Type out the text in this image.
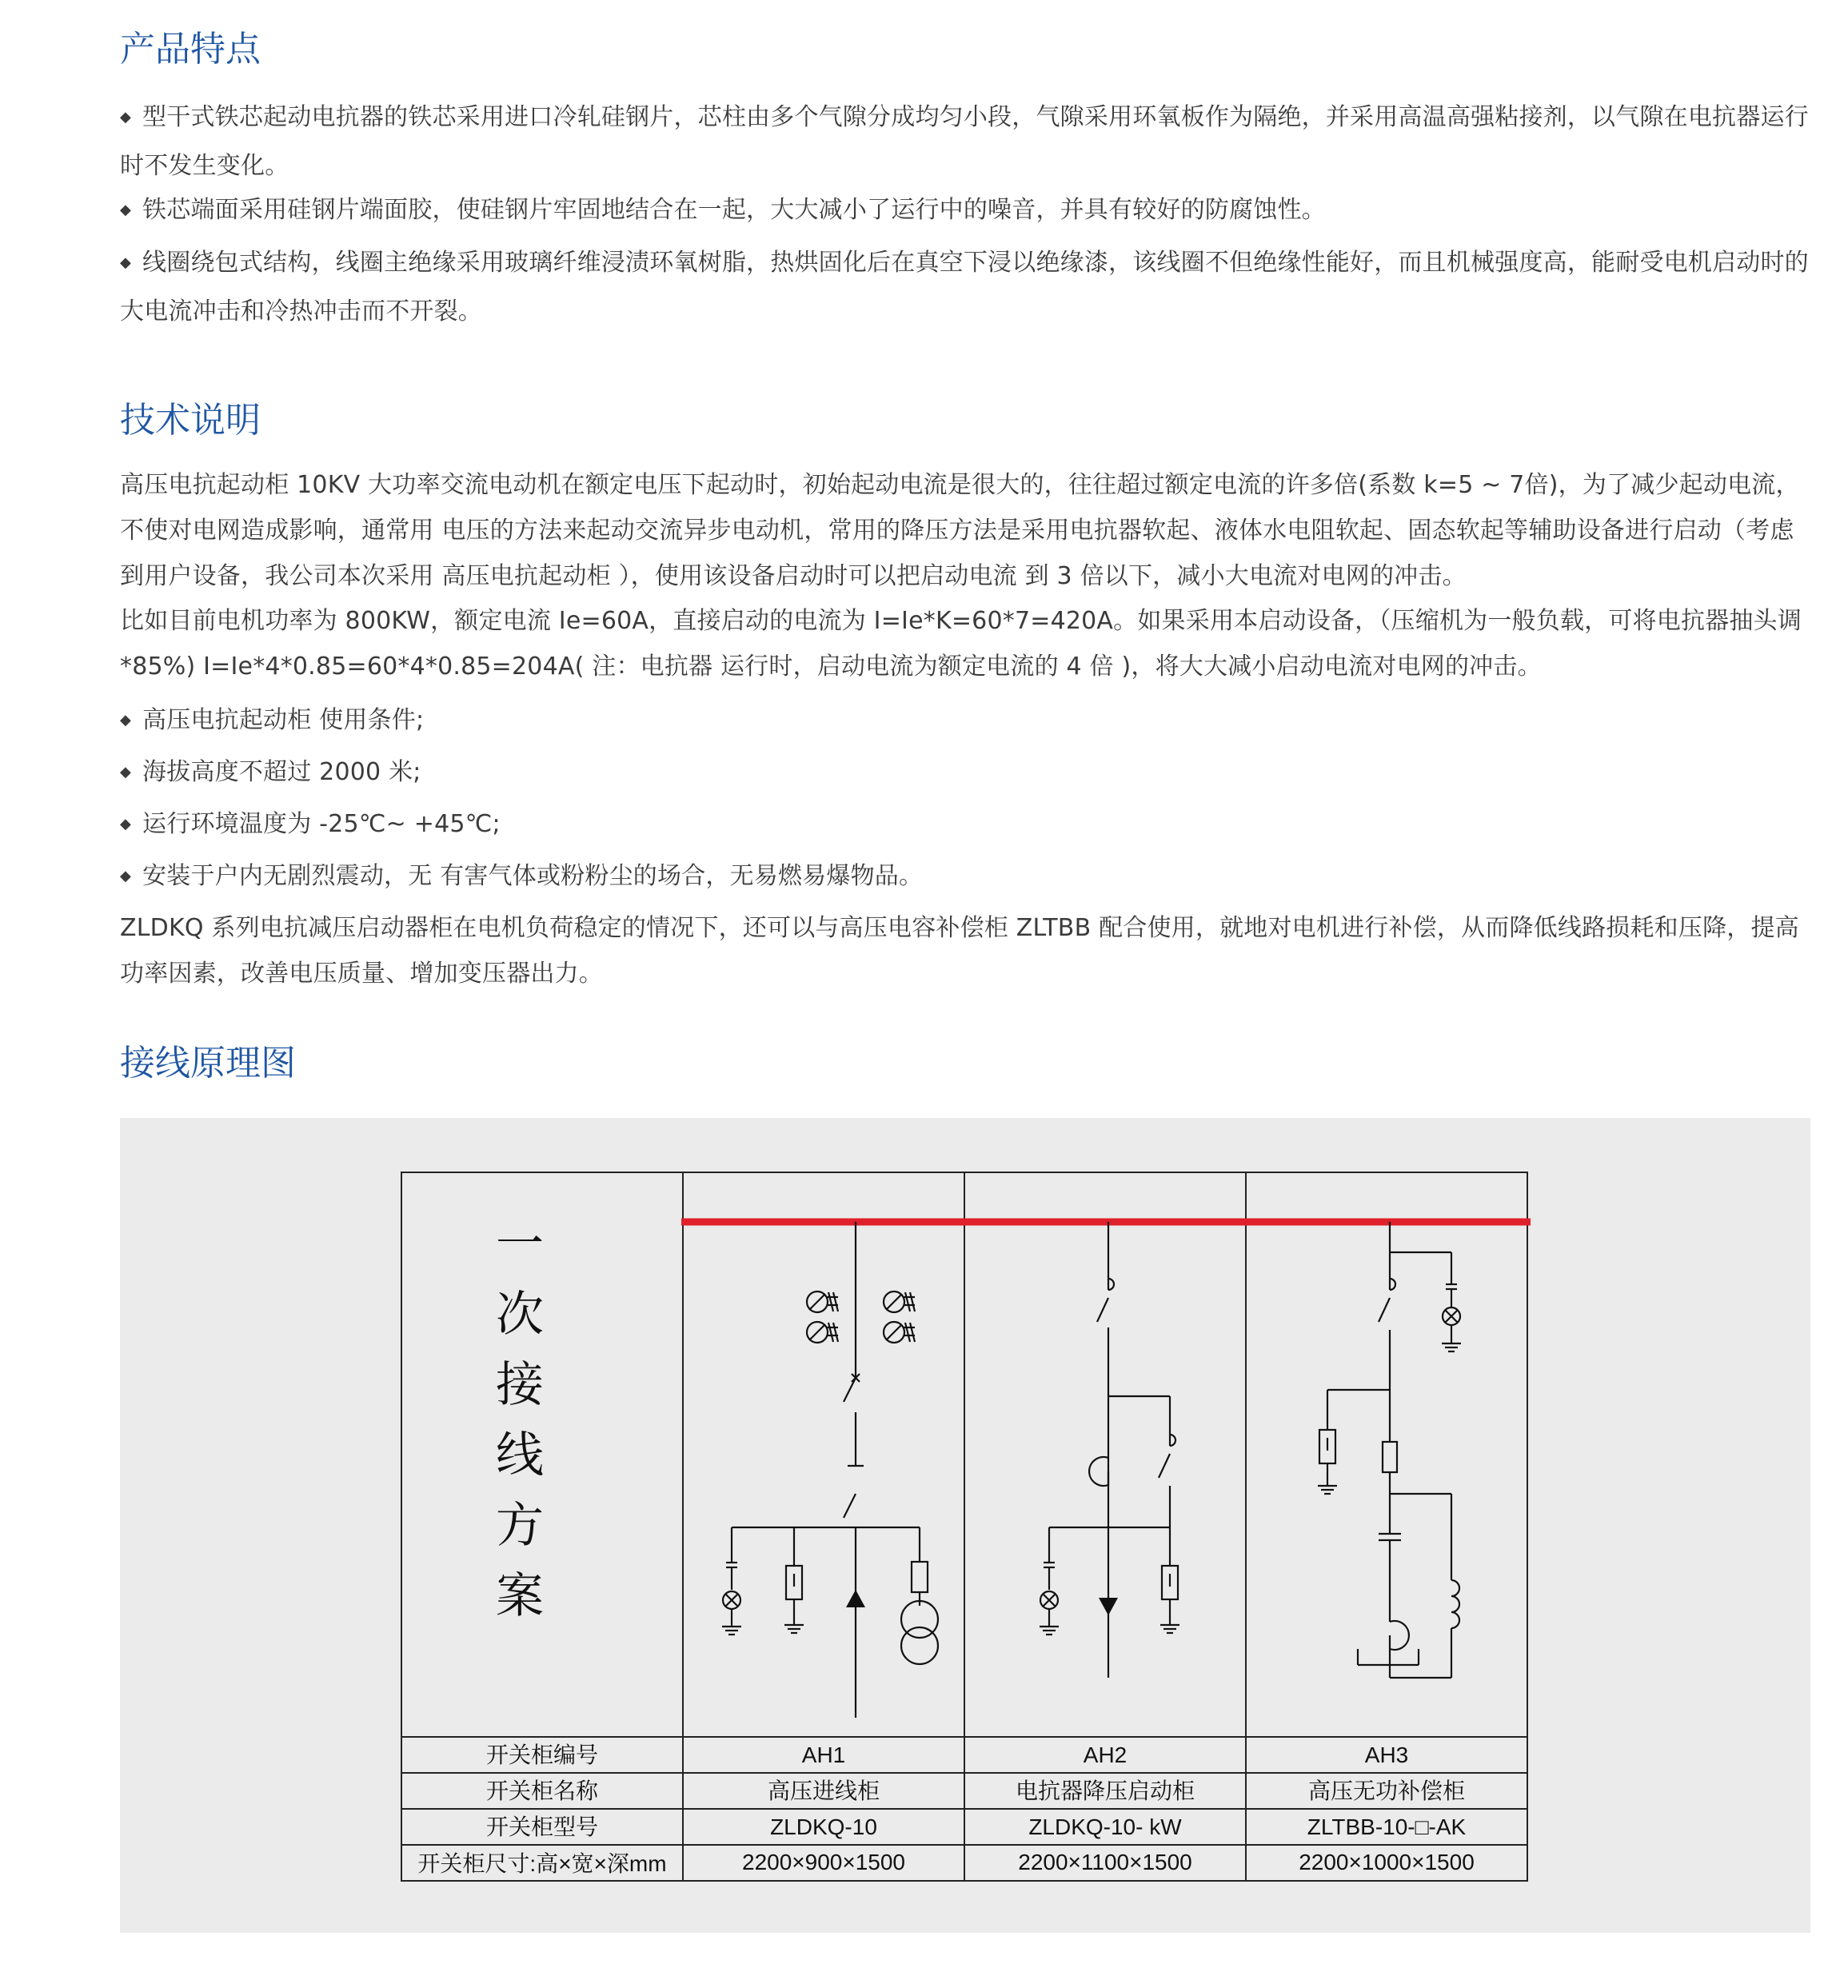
产品特点

◆ 型干式铁芯起动电抗器的铁芯采用进口冷轧硅钢片，芯柱由多个气隙分成均匀小段，气隙采用环氧板作为隔绝，并采用高温高强粘接剂，以气隙在电抗器运行时不发生变化。

◆ 铁芯端面采用硅钢片端面胶，使硅钢片牢固地结合在一起，大大减小了运行中的噪音，并具有较好的防腐蚀性。

◆ 线圈绕包式结构，线圈主绝缘采用玻璃纤维浸渍环氧树脂，热烘固化后在真空下浸以绝缘漆，该线圈不但绝缘性能好，而且机械强度高，能耐受电机启动时的大电流冲击和冷热冲击而不开裂。

技术说明

高压电抗起动柜 10KV 大功率交流电动机在额定电压下起动时，初始起动电流是很大的，往往超过额定电流的许多倍(系数 k=5 ~ 7倍)，为了减少起动电流，不使对电网造成影响，通常用 电压的方法来起动交流异步电动机，常用的降压方法是采用电抗器软起、液体水电阻软起、固态软起等辅助设备进行启动（考虑到用户设备，我公司本次采用 高压电抗起动柜 ），使用该设备启动时可以把启动电流 到 3 倍以下，减小大电流对电网的冲击。

比如目前电机功率为 800KW，额定电流 Ie=60A，直接启动的电流为 I=Ie*K=60*7=420A。如果采用本启动设备，（压缩机为一般负载，可将电抗器抽头调*85%) I=Ie*4*0.85=60*4*0.85=204A( 注：电抗器 运行时，启动电流为额定电流的 4 倍 )，将大大减小启动电流对电网的冲击。

◆ 高压电抗起动柜 使用条件;

◆ 海拔高度不超过 2000 米;

◆ 运行环境温度为 -25℃~ +45℃;

◆ 安装于户内无剧烈震动，无 有害气体或粉粉尘的场合，无易燃易爆物品。

ZLDKQ 系列电抗减压启动器柜在电机负荷稳定的情况下，还可以与高压电容补偿柜 ZLTBB 配合使用，就地对电机进行补偿，从而降低线路损耗和压降，提高功率因素，改善电压质量、增加变压器出力。

接线原理图
一
次
接
线
方
案
开关柜编号
开关柜名称
开关柜型号
开关柜尺寸:高×宽×深mm
AH1
高压进线柜
ZLDKQ-10
2200×900×1500
AH2
电抗器降压启动柜
ZLDKQ-10- kW
2200×1100×1500
AH3
高压无功补偿柜
ZLTBB-10-□-AK
2200×1000×1500
